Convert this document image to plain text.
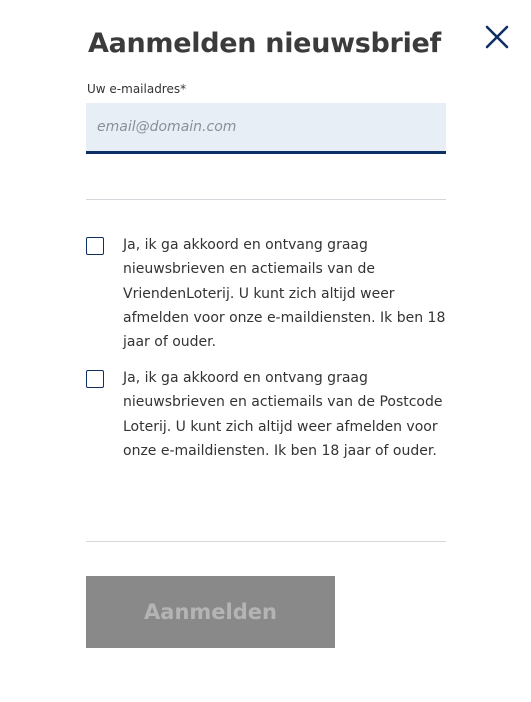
Aanmelden nieuwsbrief
Uw e-mailadres*
email@domain.com

Ja, ik ga akkoord en ontvang graag nieuwsbrieven en actiemails van de VriendenLoterij. U kunt zich altijd weer afmelden voor onze e-maildiensten. Ik ben 18 jaar of ouder.

Ja, ik ga akkoord en ontvang graag nieuwsbrieven en actiemails van de Postcode Loterij. U kunt zich altijd weer afmelden voor onze e-maildiensten. Ik ben 18 jaar of ouder.

Aanmelden
